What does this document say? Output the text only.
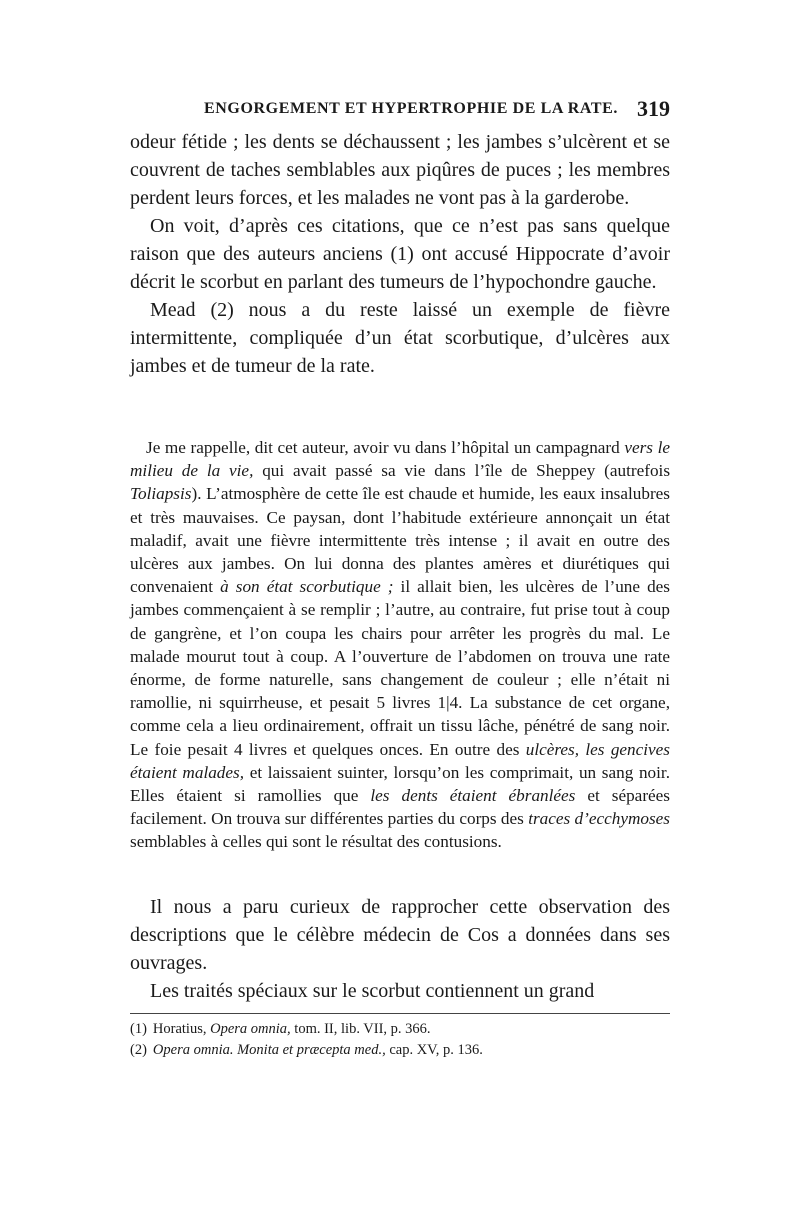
ENGORGEMENT ET HYPERTROPHIE DE LA RATE. 319

odeur fétide ; les dents se déchaussent ; les jambes s’ulcèrent et se couvrent de taches semblables aux piqûres de puces ; les membres perdent leurs forces, et les malades ne vont pas à la garderobe.

On voit, d’après ces citations, que ce n’est pas sans quelque raison que des auteurs anciens (1) ont accusé Hippocrate d’avoir décrit le scorbut en parlant des tumeurs de l’hypochondre gauche.

Mead (2) nous a du reste laissé un exemple de fièvre intermittente, compliquée d’un état scorbutique, d’ulcères aux jambes et de tumeur de la rate.

Je me rappelle, dit cet auteur, avoir vu dans l’hôpital un campagnard vers le milieu de la vie, qui avait passé sa vie dans l’île de Sheppey (autrefois Toliapsis). L’atmosphère de cette île est chaude et humide, les eaux insalubres et très mauvaises. Ce paysan, dont l’habitude extérieure annonçait un état maladif, avait une fièvre intermittente très intense ; il avait en outre des ulcères aux jambes. On lui donna des plantes amères et diurétiques qui convenaient à son état scorbutique ; il allait bien, les ulcères de l’une des jambes commençaient à se remplir ; l’autre, au contraire, fut prise tout à coup de gangrène, et l’on coupa les chairs pour arrêter les progrès du mal. Le malade mourut tout à coup. A l’ouverture de l’abdomen on trouva une rate énorme, de forme naturelle, sans changement de couleur ; elle n’était ni ramollie, ni squirrheuse, et pesait 5 livres 1|4. La substance de cet organe, comme cela a lieu ordinairement, offrait un tissu lâche, pénétré de sang noir. Le foie pesait 4 livres et quelques onces. En outre des ulcères, les gencives étaient malades, et laissaient suinter, lorsqu’on les comprimait, un sang noir. Elles étaient si ramollies que les dents étaient ébranlées et séparées facilement. On trouva sur différentes parties du corps des traces d’ecchymoses semblables à celles qui sont le résultat des contusions.

Il nous a paru curieux de rapprocher cette observation des descriptions que le célèbre médecin de Cos a données dans ses ouvrages.

Les traités spéciaux sur le scorbut contiennent un grand

(1) Horatius, Opera omnia, tom. II, lib. VII, p. 366.

(2) Opera omnia. Monita et præcepta med., cap. XV, p. 136.
